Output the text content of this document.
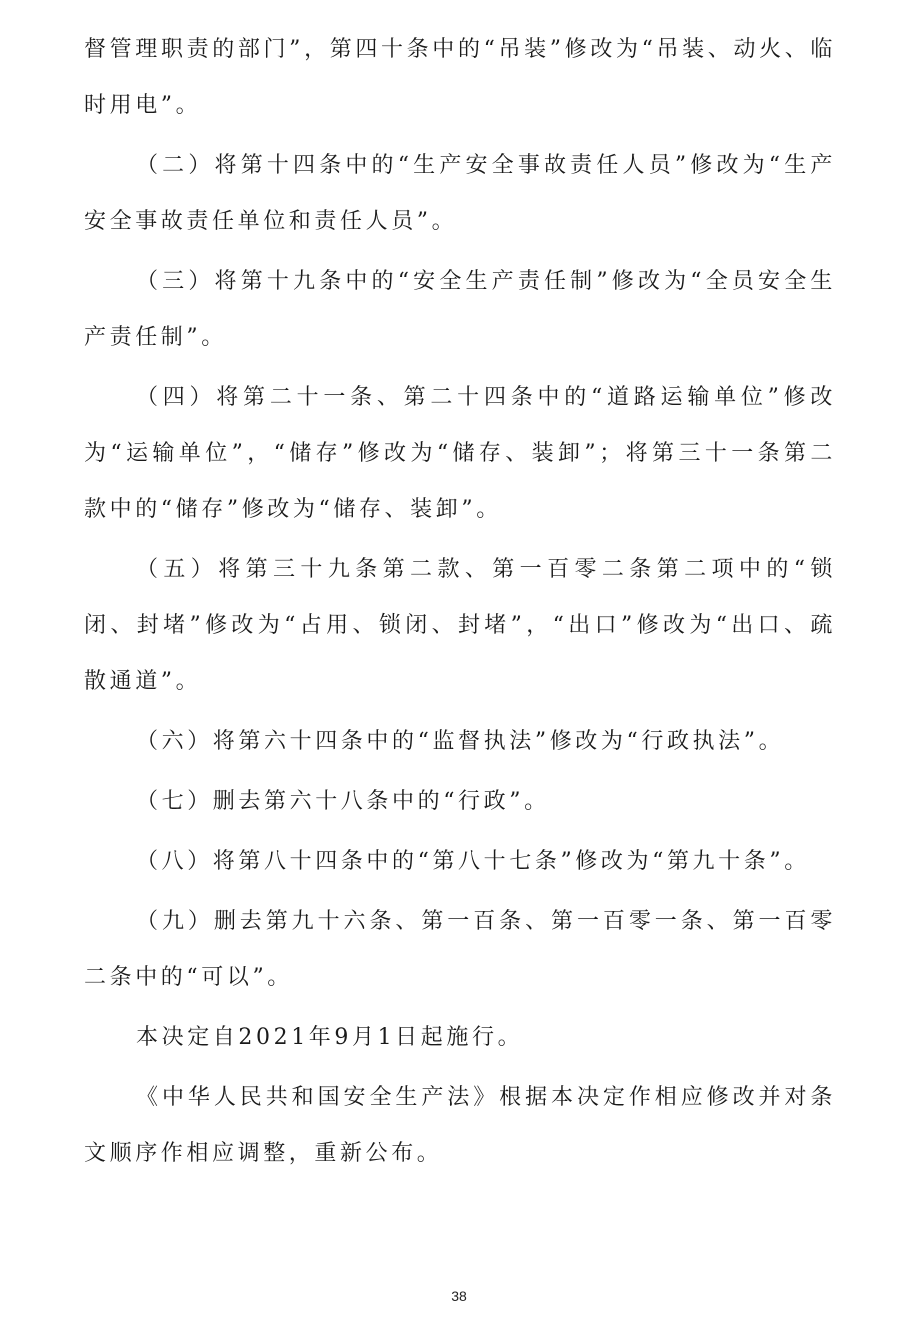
督管理职责的部门”，第四十条中的“吊装”修改为“吊装、动火、临时用电”。

（二）将第十四条中的“生产安全事故责任人员”修改为“生产安全事故责任单位和责任人员”。

（三）将第十九条中的“安全生产责任制”修改为“全员安全生产责任制”。

（四）将第二十一条、第二十四条中的“道路运输单位”修改为“运输单位”，“储存”修改为“储存、装卸”；将第三十一条第二款中的“储存”修改为“储存、装卸”。

（五）将第三十九条第二款、第一百零二条第二项中的“锁闭、封堵”修改为“占用、锁闭、封堵”，“出口”修改为“出口、疏散通道”。

（六）将第六十四条中的“监督执法”修改为“行政执法”。

（七）删去第六十八条中的“行政”。

（八）将第八十四条中的“第八十七条”修改为“第九十条”。

（九）删去第九十六条、第一百条、第一百零一条、第一百零二条中的“可以”。

本决定自2021年9月1日起施行。

《中华人民共和国安全生产法》根据本决定作相应修改并对条文顺序作相应调整，重新公布。

38
